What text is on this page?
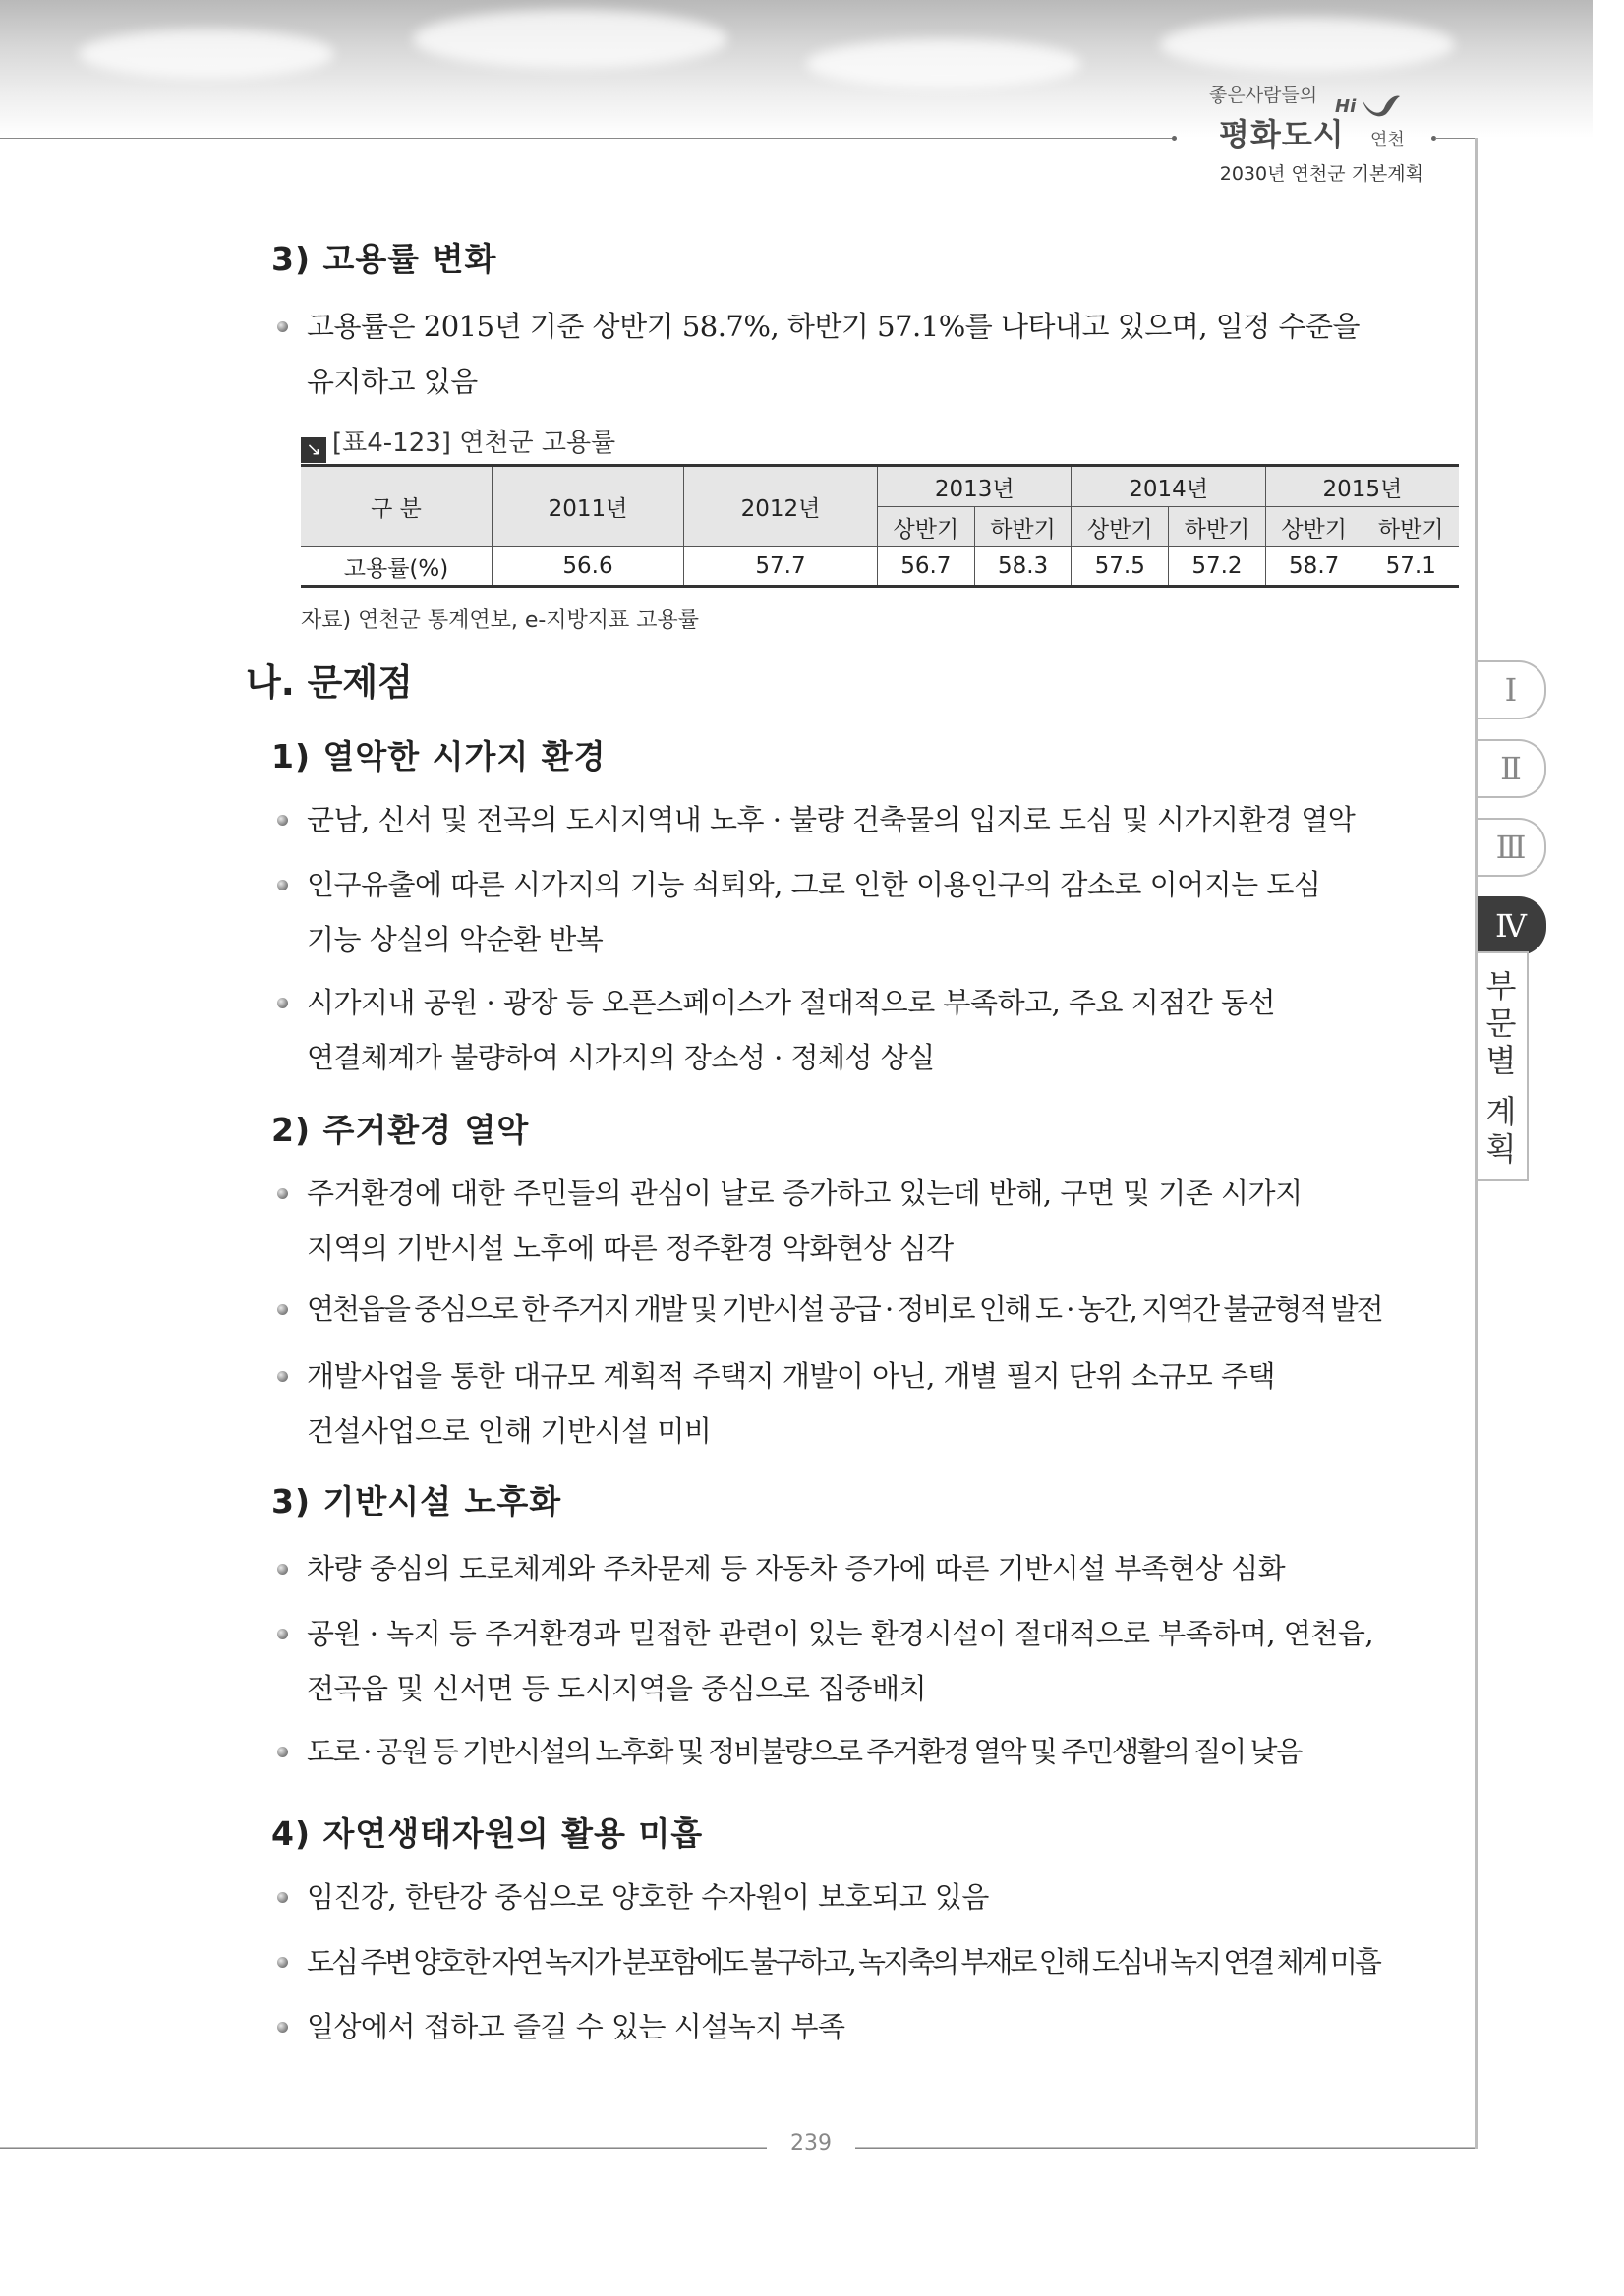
좋은사람들의
평화도시
Hi
연천
2030년 연천군 기본계획
3) 고용률 변화

고용률은 2015년 기준 상반기 58.7%, 하반기 57.1%를 나타내고 있으며, 일정 수준을
유지하고 있음

↘ [표4-123] 연천군 고용률
구 분	2011년	2012년	2013년		2014년		2015년	
			상반기	하반기	상반기	하반기	상반기	하반기
고용률(%)	56.6	57.7	56.7	58.3	57.5	57.2	58.7	57.1
자료) 연천군 통계연보, e-지방지표 고용률
나. 문제점
1) 열악한 시가지 환경

군남, 신서 및 전곡의 도시지역내 노후 · 불량 건축물의 입지로 도심 및 시가지환경 열악

인구유출에 따른 시가지의 기능 쇠퇴와, 그로 인한 이용인구의 감소로 이어지는 도심
기능 상실의 악순환 반복

시가지내 공원 · 광장 등 오픈스페이스가 절대적으로 부족하고, 주요 지점간 동선
연결체계가 불량하여 시가지의 장소성 · 정체성 상실

2) 주거환경 열악

주거환경에 대한 주민들의 관심이 날로 증가하고 있는데 반해, 구면 및 기존 시가지
지역의 기반시설 노후에 따른 정주환경 악화현상 심각

연천읍을 중심으로 한 주거지 개발 및 기반시설 공급 · 정비로 인해 도 · 농간, 지역간 불균형적 발전

개발사업을 통한 대규모 계획적 주택지 개발이 아닌, 개별 필지 단위 소규모 주택
건설사업으로 인해 기반시설 미비

3) 기반시설 노후화

차량 중심의 도로체계와 주차문제 등 자동차 증가에 따른 기반시설 부족현상 심화

공원 · 녹지 등 주거환경과 밀접한 관련이 있는 환경시설이 절대적으로 부족하며, 연천읍,
전곡읍 및 신서면 등 도시지역을 중심으로 집중배치

도로 · 공원 등 기반시설의 노후화 및 정비불량으로 주거환경 열악 및 주민생활의 질이 낮음

4) 자연생태자원의 활용 미흡

임진강, 한탄강 중심으로 양호한 수자원이 보호되고 있음

도심 주변 양호한 자연 녹지가 분포함에도 불구하고, 녹지축의 부재로 인해 도심내 녹지 연결 체계 미흡

일상에서 접하고 즐길 수 있는 시설녹지 부족

Ⅰ
Ⅱ
Ⅲ
Ⅳ
부
문
별
계
획
239
